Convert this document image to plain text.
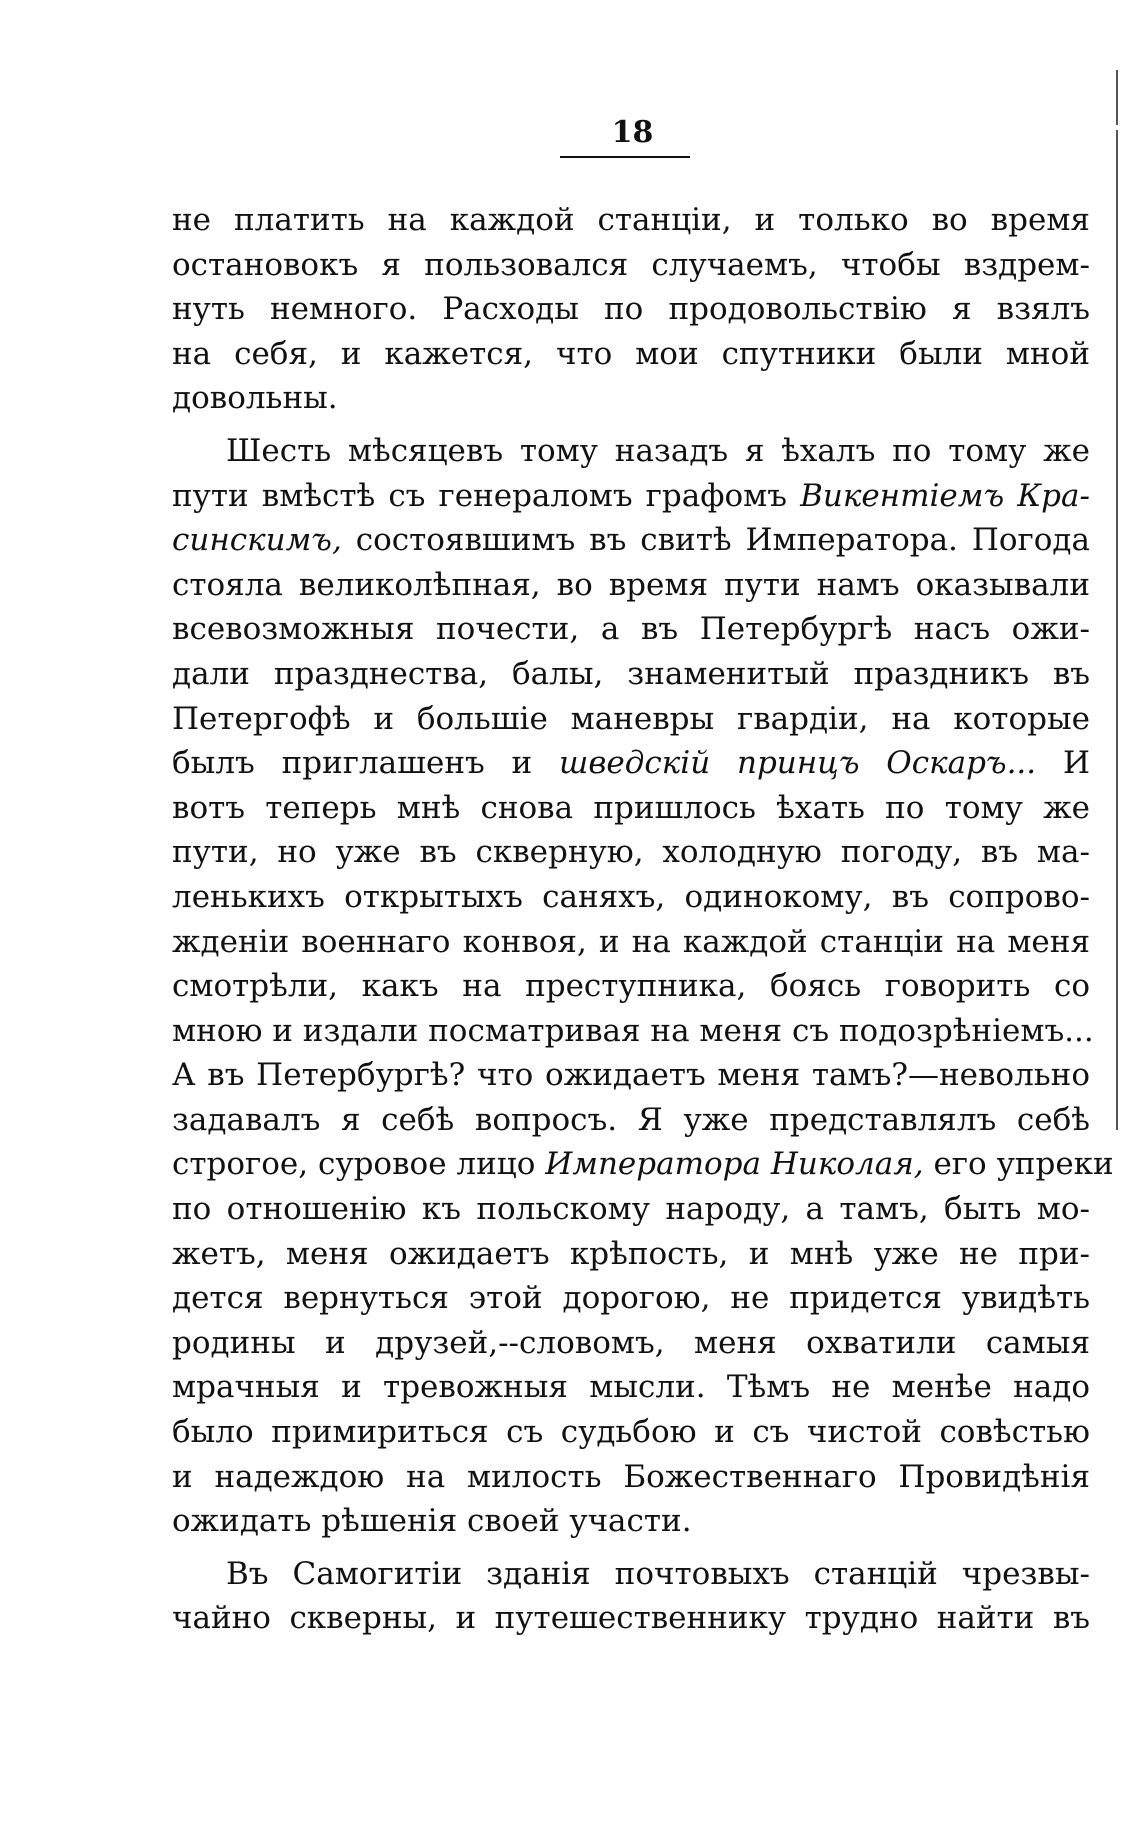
18
не платить на каждой станціи, и только во время
остановокъ я пользовался случаемъ, чтобы вздрем-
нуть немного. Расходы по продовольствію я взялъ
на себя, и кажется, что мои спутники были мной
довольны.
Шесть мѣсяцевъ тому назадъ я ѣхалъ по тому же
пути вмѣстѣ съ генераломъ графомъ Викентіемъ Кра-
синскимъ, состоявшимъ въ свитѣ Императора. Погода
стояла великолѣпная, во время пути намъ оказывали
всевозможныя почести, а въ Петербургѣ насъ ожи-
дали празднества, балы, знаменитый праздникъ въ
Петергофѣ и большіе маневры гвардіи, на которые
былъ приглашенъ и шведскій принцъ Оскаръ... И
вотъ теперь мнѣ снова пришлось ѣхать по тому же
пути, но уже въ скверную, холодную погоду, въ ма-
ленькихъ открытыхъ саняхъ, одинокому, въ сопрово-
жденіи военнаго конвоя, и на каждой станціи на меня
смотрѣли, какъ на преступника, боясь говорить со
мною и издали посматривая на меня съ подозрѣніемъ...
А въ Петербургѣ? что ожидаетъ меня тамъ?—невольно
задавалъ я себѣ вопросъ. Я уже представлялъ себѣ
строгое, суровое лицо Императора Николая, его упреки
по отношенію къ польскому народу, а тамъ, быть мо-
жетъ, меня ожидаетъ крѣпость, и мнѣ уже не при-
дется вернуться этой дорогою, не придется увидѣть
родины и друзей,--словомъ, меня охватили самыя
мрачныя и тревожныя мысли. Тѣмъ не менѣе надо
было примириться съ судьбою и съ чистой совѣстью
и надеждою на милость Божественнаго Провидѣнія
ожидать рѣшенія своей участи.
Въ Самогитіи зданія почтовыхъ станцій чрезвы-
чайно скверны, и путешественнику трудно найти въ
